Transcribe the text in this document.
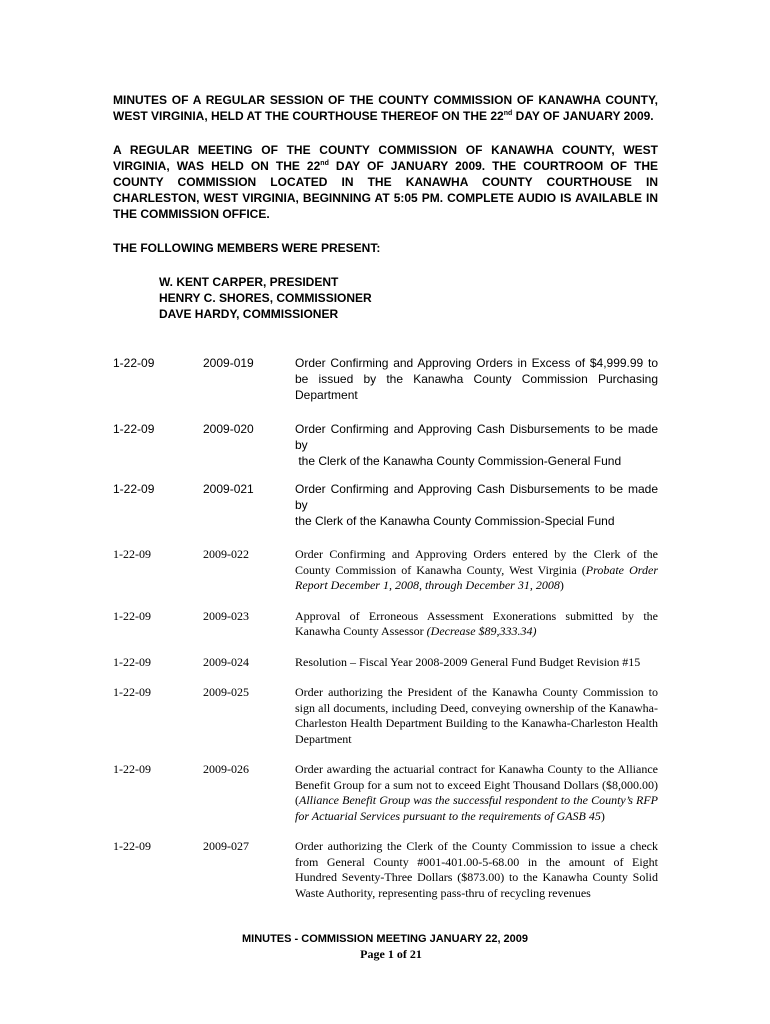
MINUTES OF A REGULAR SESSION OF THE COUNTY COMMISSION OF KANAWHA COUNTY, WEST VIRGINIA, HELD AT THE COURTHOUSE THEREOF ON THE 22nd DAY OF JANUARY 2009.

A REGULAR MEETING OF THE COUNTY COMMISSION OF KANAWHA COUNTY, WEST VIRGINIA, WAS HELD ON THE 22nd DAY OF JANUARY 2009. THE COURTROOM OF THE COUNTY COMMISSION LOCATED IN THE KANAWHA COUNTY COURTHOUSE IN CHARLESTON, WEST VIRGINIA, BEGINNING AT 5:05 PM. COMPLETE AUDIO IS AVAILABLE IN THE COMMISSION OFFICE.

THE FOLLOWING MEMBERS WERE PRESENT:

W. KENT CARPER, PRESIDENT
HENRY C. SHORES, COMMISSIONER
DAVE HARDY, COMMISSIONER
1-22-09	2009-019	Order Confirming and Approving Orders in Excess of $4,999.99 to be issued by the Kanawha County Commission Purchasing Department
1-22-09	2009-020	Order Confirming and Approving Cash Disbursements to be made by
the Clerk of the Kanawha County Commission-General Fund
1-22-09	2009-021	Order Confirming and Approving Cash Disbursements to be made by
the Clerk of the Kanawha County Commission-Special Fund
1-22-09	2009-022	Order Confirming and Approving Orders entered by the Clerk of the County Commission of Kanawha County, West Virginia (Probate Order Report December 1, 2008, through December 31, 2008)
1-22-09	2009-023	Approval of Erroneous Assessment Exonerations submitted by the Kanawha County Assessor (Decrease $89,333.34)
1-22-09	2009-024	Resolution – Fiscal Year 2008-2009 General Fund Budget Revision #15
1-22-09	2009-025	Order authorizing the President of the Kanawha County Commission to sign all documents, including Deed, conveying ownership of the Kanawha-Charleston Health Department Building to the Kanawha-Charleston Health Department
1-22-09	2009-026	Order awarding the actuarial contract for Kanawha County to the Alliance Benefit Group for a sum not to exceed Eight Thousand Dollars ($8,000.00) (Alliance Benefit Group was the successful respondent to the County’s RFP for Actuarial Services pursuant to the requirements of GASB 45)
1-22-09	2009-027	Order authorizing the Clerk of the County Commission to issue a check from General County #001-401.00-5-68.00 in the amount of Eight Hundred Seventy-Three Dollars ($873.00) to the Kanawha County Solid Waste Authority, representing pass-thru of recycling revenues
MINUTES - COMMISSION MEETING JANUARY 22, 2009
Page 1 of 21
